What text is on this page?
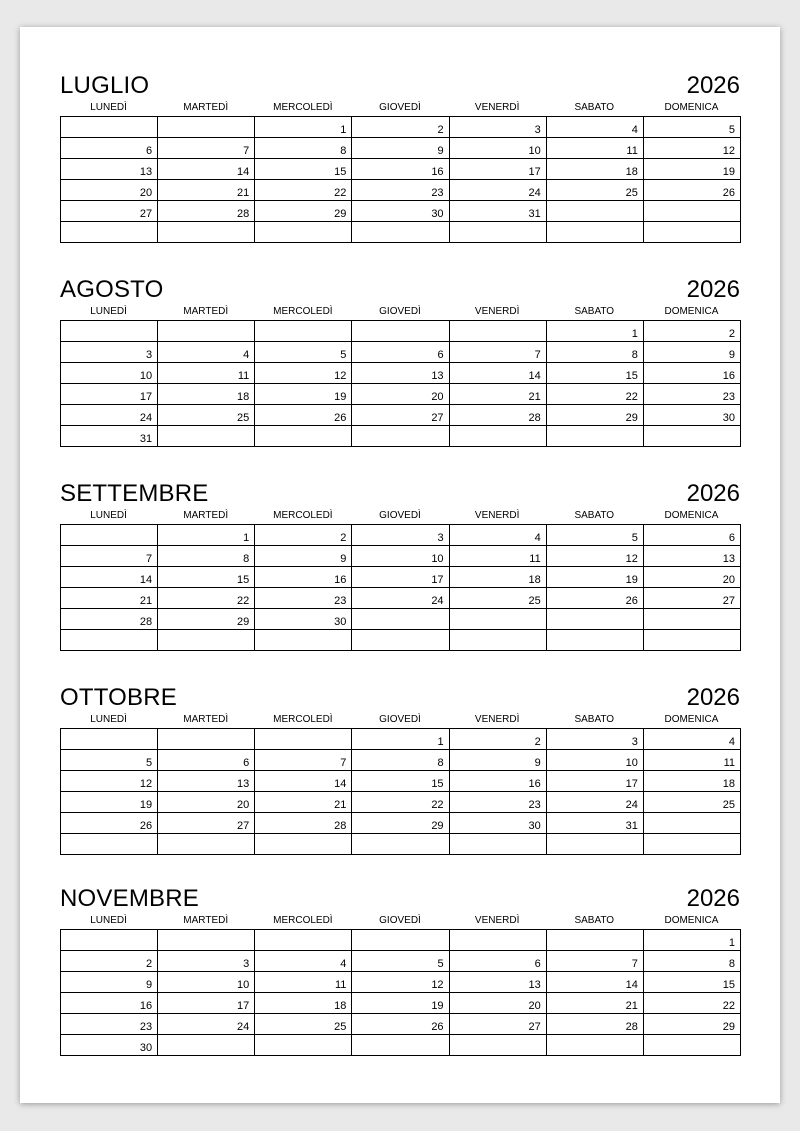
LUGLIO	2026
LUNEDÌ	MARTEDÌ	MERCOLEDÌ	GIOVEDÌ	VENERDÌ	SABATO	DOMENICA
		1	2	3	4	5
6	7	8	9	10	11	12
13	14	15	16	17	18	19
20	21	22	23	24	25	26
27	28	29	30	31		

AGOSTO	2026
LUNEDÌ	MARTEDÌ	MERCOLEDÌ	GIOVEDÌ	VENERDÌ	SABATO	DOMENICA
					1	2
3	4	5	6	7	8	9
10	11	12	13	14	15	16
17	18	19	20	21	22	23
24	25	26	27	28	29	30
31						
SETTEMBRE	2026
LUNEDÌ	MARTEDÌ	MERCOLEDÌ	GIOVEDÌ	VENERDÌ	SABATO	DOMENICA
	1	2	3	4	5	6
7	8	9	10	11	12	13
14	15	16	17	18	19	20
21	22	23	24	25	26	27
28	29	30				

OTTOBRE	2026
LUNEDÌ	MARTEDÌ	MERCOLEDÌ	GIOVEDÌ	VENERDÌ	SABATO	DOMENICA
			1	2	3	4
5	6	7	8	9	10	11
12	13	14	15	16	17	18
19	20	21	22	23	24	25
26	27	28	29	30	31	

NOVEMBRE	2026
LUNEDÌ	MARTEDÌ	MERCOLEDÌ	GIOVEDÌ	VENERDÌ	SABATO	DOMENICA
						1
2	3	4	5	6	7	8
9	10	11	12	13	14	15
16	17	18	19	20	21	22
23	24	25	26	27	28	29
30						
